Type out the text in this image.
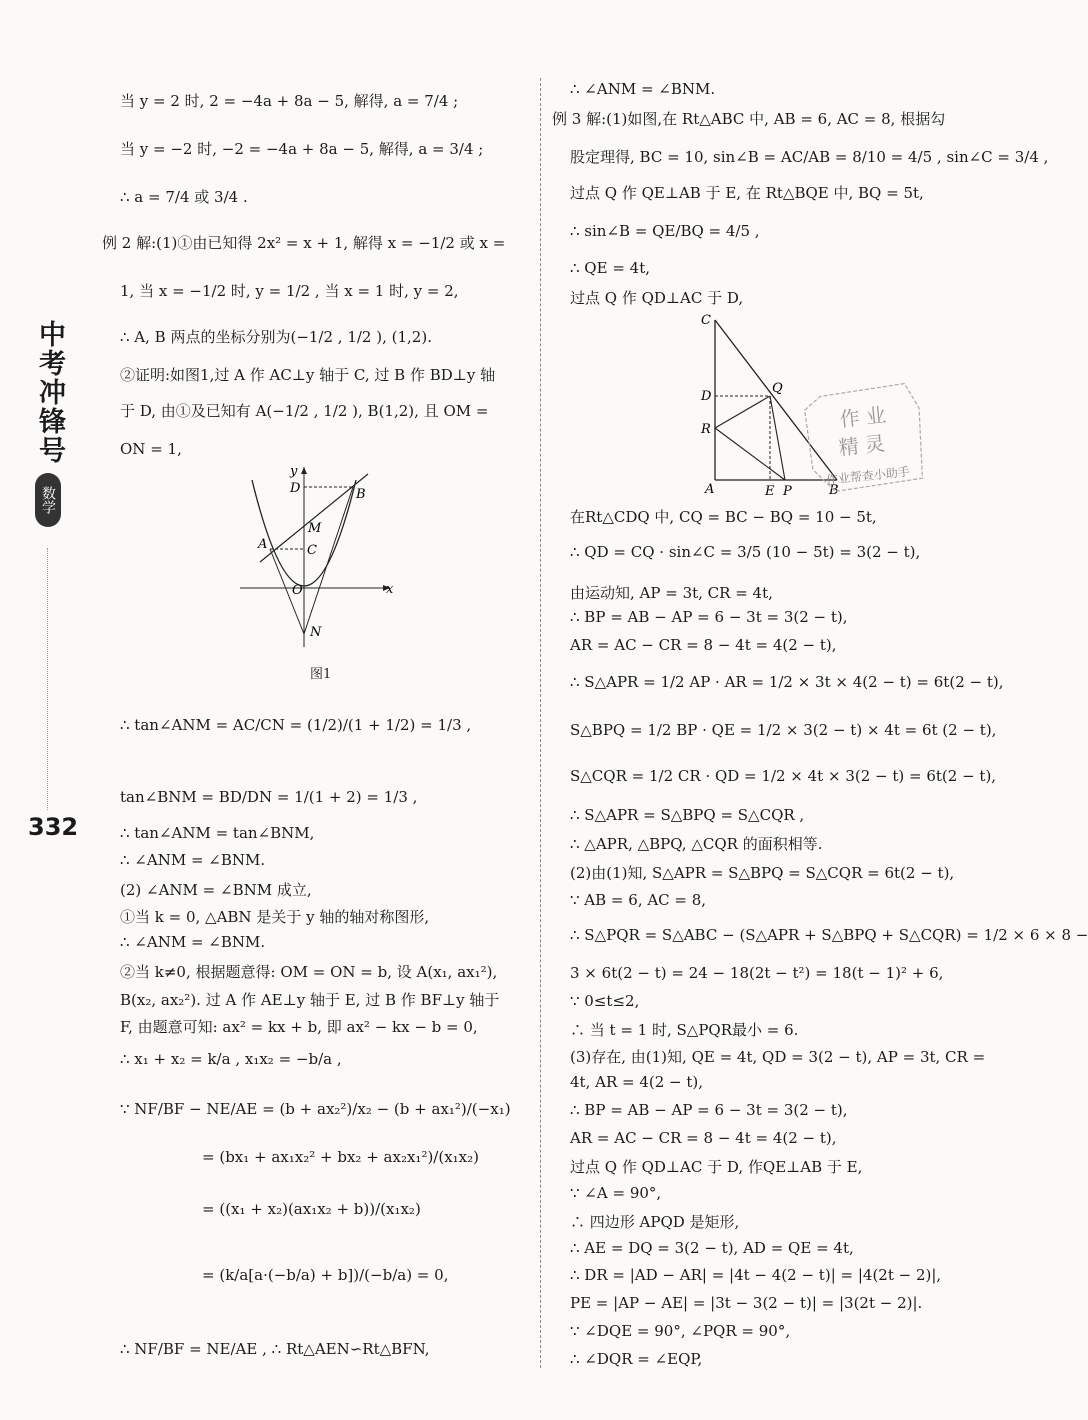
中考冲锋号
数学
332
当 y = 2 时, 2 = −4a + 8a − 5, 解得, a = 7/4 ;
当 y = −2 时, −2 = −4a + 8a − 5, 解得, a = 3/4 ;
∴ a = 7/4 或 3/4 .
例 2 解:(1)①由已知得 2x² = x + 1, 解得 x = −1/2 或 x =
1, 当 x = −1/2 时, y = 1/2 , 当 x = 1 时, y = 2,
∴ A, B 两点的坐标分别为(−1/2 , 1/2 ), (1,2).
②证明:如图1,过 A 作 AC⊥y 轴于 C, 过 B 作 BD⊥y 轴
于 D, 由①及已知有 A(−1/2 , 1/2 ), B(1,2), 且 OM =
ON = 1,
∴ tan∠ANM = AC/CN = (1/2)/(1 + 1/2) = 1/3 ,
tan∠BNM = BD/DN = 1/(1 + 2) = 1/3 ,
∴ tan∠ANM = tan∠BNM,
∴ ∠ANM = ∠BNM.
(2) ∠ANM = ∠BNM 成立,
①当 k = 0, △ABN 是关于 y 轴的轴对称图形,
∴ ∠ANM = ∠BNM.
②当 k≠0, 根据题意得: OM = ON = b, 设 A(x₁, ax₁²),
B(x₂, ax₂²). 过 A 作 AE⊥y 轴于 E, 过 B 作 BF⊥y 轴于
F, 由题意可知: ax² = kx + b, 即 ax² − kx − b = 0,
∴ x₁ + x₂ = k/a , x₁x₂ = −b/a ,
∵ NF/BF − NE/AE = (b + ax₂²)/x₂ − (b + ax₁²)/(−x₁)
= (bx₁ + ax₁x₂² + bx₂ + ax₂x₁²)/(x₁x₂)
= ((x₁ + x₂)(ax₁x₂ + b))/(x₁x₂)
= (k/a[a·(−b/a) + b])/(−b/a) = 0,
∴ NF/BF = NE/AE , ∴ Rt△AEN∽Rt△BFN,
y
D	B
M
A	C
O
N
x
图1
∴ ∠ANM = ∠BNM.
例 3 解:(1)如图,在 Rt△ABC 中, AB = 6, AC = 8, 根据勾
股定理得, BC = 10, sin∠B = AC/AB = 8/10 = 4/5 , sin∠C = 3/4 ,
过点 Q 作 QE⊥AB 于 E, 在 Rt△BQE 中, BQ = 5t,
∴ sin∠B = QE/BQ = 4/5 ,
∴ QE = 4t,
过点 Q 作 QD⊥AC 于 D,
在Rt△CDQ 中, CQ = BC − BQ = 10 − 5t,
∴ QD = CQ · sin∠C = 3/5 (10 − 5t) = 3(2 − t),
由运动知, AP = 3t, CR = 4t,
∴ BP = AB − AP = 6 − 3t = 3(2 − t),
AR = AC − CR = 8 − 4t = 4(2 − t),
∴ S△APR = 1/2 AP · AR = 1/2 × 3t × 4(2 − t) = 6t(2 − t),
S△BPQ = 1/2 BP · QE = 1/2 × 3(2 − t) × 4t = 6t (2 − t),
S△CQR = 1/2 CR · QD = 1/2 × 4t × 3(2 − t) = 6t(2 − t),
∴ S△APR = S△BPQ = S△CQR ,
∴ △APR, △BPQ, △CQR 的面积相等.
(2)由(1)知, S△APR = S△BPQ = S△CQR = 6t(2 − t),
∵ AB = 6, AC = 8,
∴ S△PQR = S△ABC − (S△APR + S△BPQ + S△CQR) = 1/2 × 6 × 8 −
3 × 6t(2 − t) = 24 − 18(2t − t²) = 18(t − 1)² + 6,
∵ 0≤t≤2,
∴ 当 t = 1 时, S△PQR最小 = 6.
(3)存在, 由(1)知, QE = 4t, QD = 3(2 − t), AP = 3t, CR =
4t, AR = 4(2 − t),
∴ BP = AB − AP = 6 − 3t = 3(2 − t),
AR = AC − CR = 8 − 4t = 4(2 − t),
过点 Q 作 QD⊥AC 于 D, 作QE⊥AB 于 E,
∵ ∠A = 90°,
∴ 四边形 APQD 是矩形,
∴ AE = DQ = 3(2 − t), AD = QE = 4t,
∴ DR = |AD − AR| = |4t − 4(2 − t)| = |4(2t − 2)|,
PE = |AP − AE| = |3t − 3(2 − t)| = |3(2t − 2)|.
∵ ∠DQE = 90°, ∠PQR = 90°,
∴ ∠DQR = ∠EQP,
C
D
Q
R
A	E P	B
作 业
精 灵
作业帮查小助手
